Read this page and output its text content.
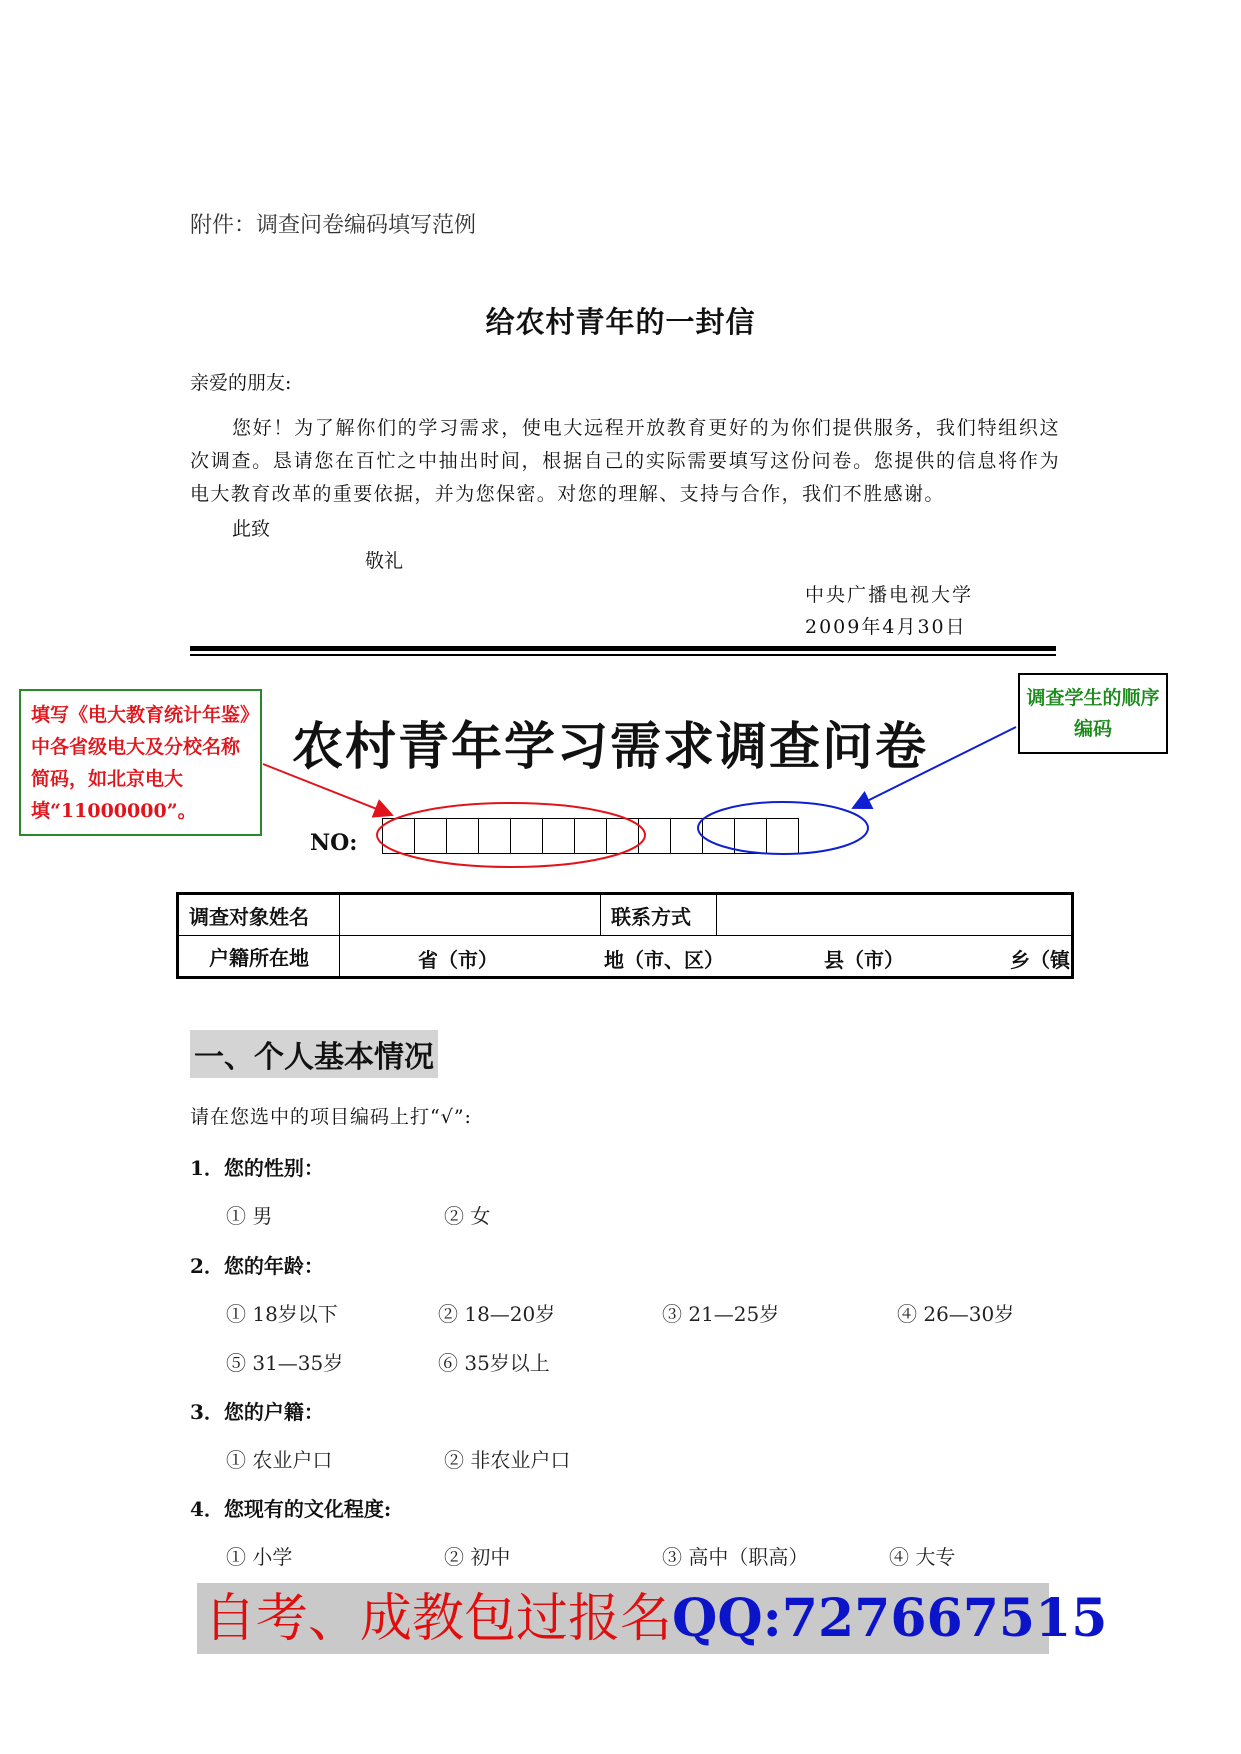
附件：调查问卷编码填写范例
给农村青年的一封信
亲爱的朋友:
您好！为了解你们的学习需求，使电大远程开放教育更好的为你们提供服务，我们特组织这次调查。恳请您在百忙之中抽出时间，根据自己的实际需要填写这份问卷。您提供的信息将作为电大教育改革的重要依据，并为您保密。对您的理解、支持与合作，我们不胜感谢。
此致
敬礼
中央广播电视大学
2009年4月30日
填写《电大教育统计年鉴》中各省级电大及分校名称简码，如北京电大填“11000000”。
农村青年学习需求调查问卷
调查学生的顺序编码
NO:
调查对象姓名		联系方式	
户籍所在地	省（市） 地（市、区） 县（市） 乡（镇		
一、个人基本情况
请在您选中的项目编码上打“√”:
1．您的性别：
① 男	② 女
2．您的年龄：
① 18岁以下	② 18—20岁	③ 21—25岁	④ 26—30岁
⑤ 31—35岁	⑥ 35岁以上
3．您的户籍：
① 农业户口	② 非农业户口
4．您现有的文化程度:
① 小学	② 初中	③ 高中（职高）	④ 大专
自考、成教包过报名QQ:727667515
